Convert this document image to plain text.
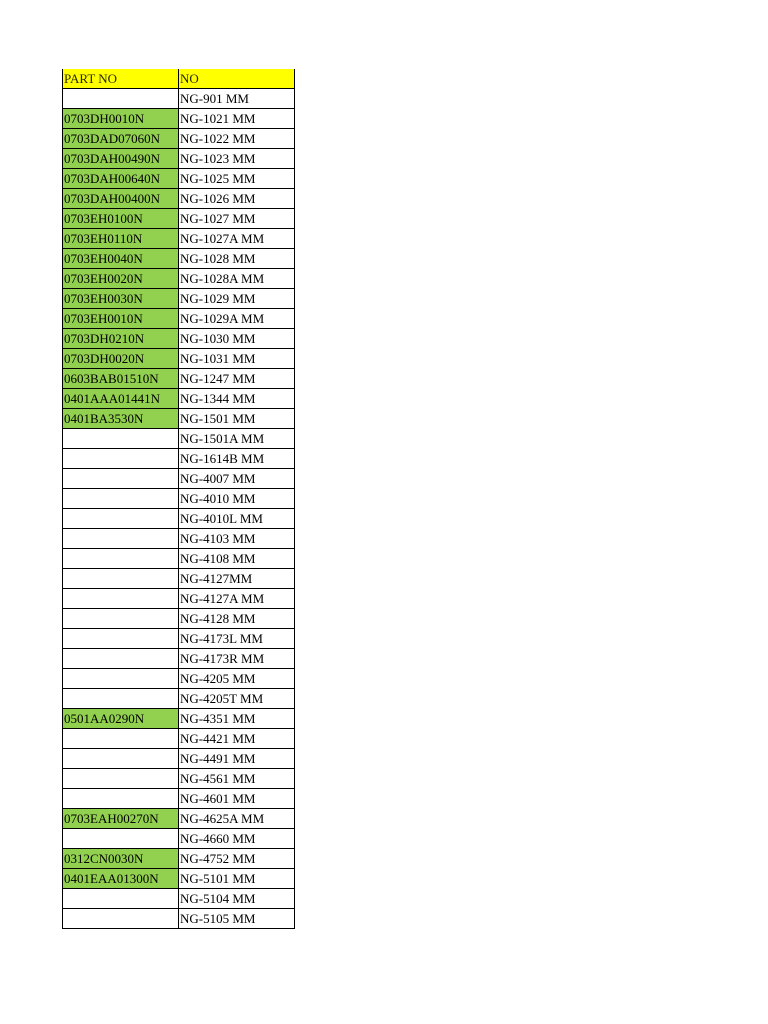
PART NO	NO
	NG-901 MM
0703DH0010N	NG-1021 MM
0703DAD07060N	NG-1022 MM
0703DAH00490N	NG-1023 MM
0703DAH00640N	NG-1025 MM
0703DAH00400N	NG-1026 MM
0703EH0100N	NG-1027 MM
0703EH0110N	NG-1027A MM
0703EH0040N	NG-1028 MM
0703EH0020N	NG-1028A MM
0703EH0030N	NG-1029 MM
0703EH0010N	NG-1029A MM
0703DH0210N	NG-1030 MM
0703DH0020N	NG-1031 MM
0603BAB01510N	NG-1247 MM
0401AAA01441N	NG-1344 MM
0401BA3530N	NG-1501 MM
	NG-1501A MM
	NG-1614B MM
	NG-4007 MM
	NG-4010 MM
	NG-4010L MM
	NG-4103 MM
	NG-4108 MM
	NG-4127MM
	NG-4127A MM
	NG-4128 MM
	NG-4173L MM
	NG-4173R MM
	NG-4205 MM
	NG-4205T MM
0501AA0290N	NG-4351 MM
	NG-4421 MM
	NG-4491 MM
	NG-4561 MM
	NG-4601 MM
0703EAH00270N	NG-4625A MM
	NG-4660 MM
0312CN0030N	NG-4752 MM
0401EAA01300N	NG-5101 MM
	NG-5104 MM
	NG-5105 MM
